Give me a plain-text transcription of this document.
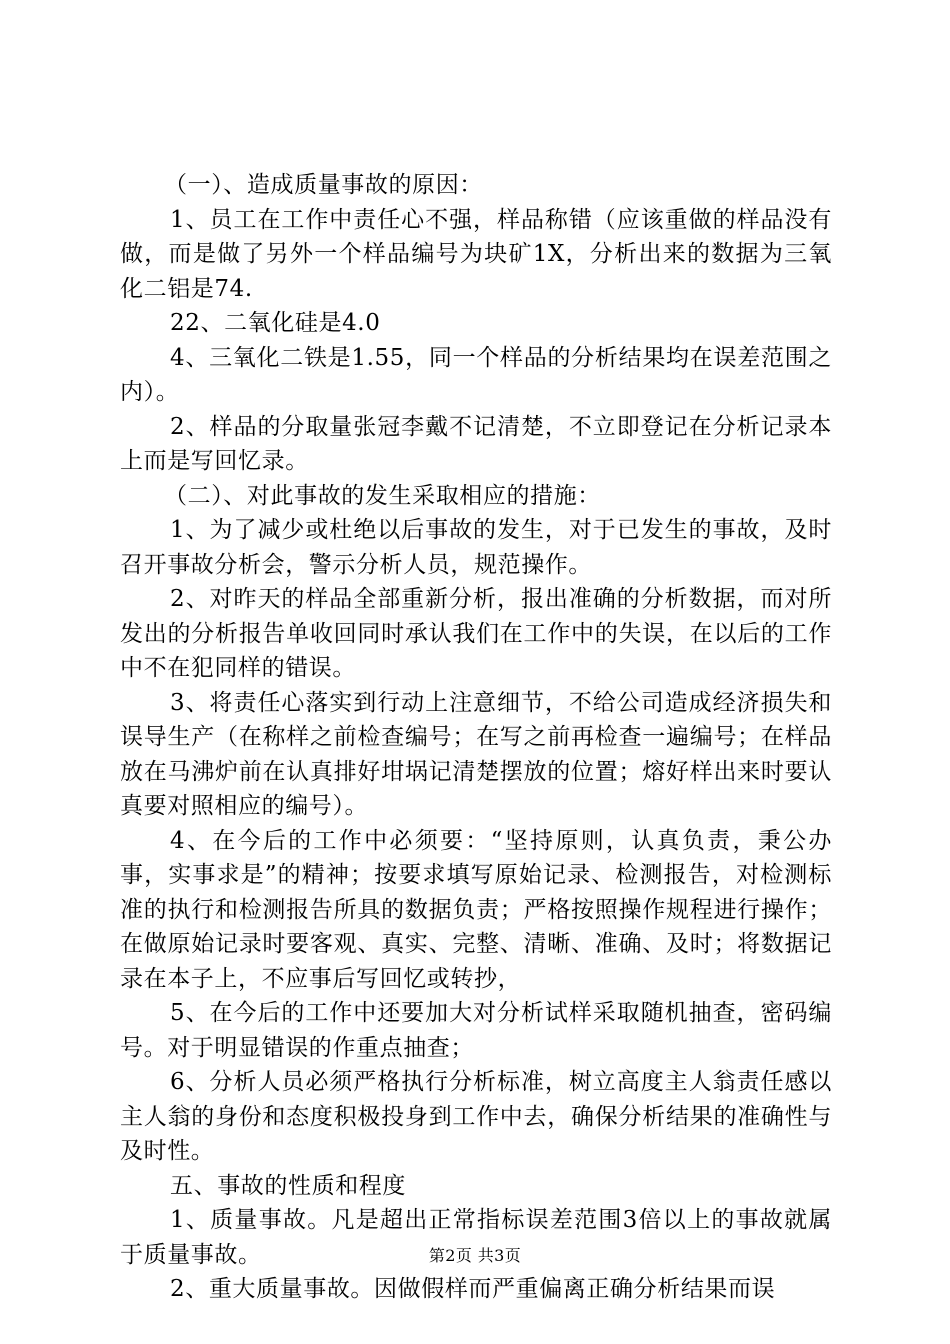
（一）、造成质量事故的原因：

1、员工在工作中责任心不强，样品称错（应该重做的样品没有做，而是做了另外一个样品编号为块矿1X，分析出来的数据为三氧化二铝是74.

22、二氧化硅是4.0

4、三氧化二铁是1.55，同一个样品的分析结果均在误差范围之内）。

2、样品的分取量张冠李戴不记清楚，不立即登记在分析记录本上而是写回忆录。

（二）、对此事故的发生采取相应的措施：

1、为了减少或杜绝以后事故的发生，对于已发生的事故，及时召开事故分析会，警示分析人员，规范操作。

2、对昨天的样品全部重新分析，报出准确的分析数据，而对所发出的分析报告单收回同时承认我们在工作中的失误，在以后的工作中不在犯同样的错误。

3、将责任心落实到行动上注意细节，不给公司造成经济损失和误导生产（在称样之前检查编号；在写之前再检查一遍编号；在样品放在马沸炉前在认真排好坩埚记清楚摆放的位置；熔好样出来时要认真要对照相应的编号）。

4、在今后的工作中必须要：“坚持原则，认真负责，秉公办事，实事求是”的精神；按要求填写原始记录、检测报告，对检测标准的执行和检测报告所具的数据负责；严格按照操作规程进行操作；在做原始记录时要客观、真实、完整、清晰、准确、及时；将数据记录在本子上，不应事后写回忆或转抄，

5、在今后的工作中还要加大对分析试样采取随机抽查，密码编号。对于明显错误的作重点抽查；

6、分析人员必须严格执行分析标准，树立高度主人翁责任感以主人翁的身份和态度积极投身到工作中去，确保分析结果的准确性与及时性。

五、事故的性质和程度

1、质量事故。凡是超出正常指标误差范围3倍以上的事故就属于质量事故。

2、重大质量事故。因做假样而严重偏离正确分析结果而误

第2页 共3页
